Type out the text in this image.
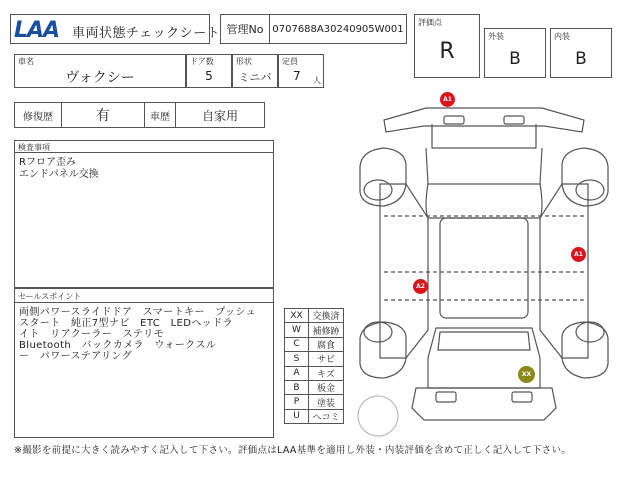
LAA 車両状態チェックシート 管理No 0707688A30240905W001
評価点
R
外装
B
内装
B
車名
ヴォクシー
ドア数
5
形状
ミニバ
定員
7 人
修復歴	有	車歴	自家用
検査事項
Rフロア歪み
エンドパネル交換
セールスポイント
両側パワースライドドア　スマートキー　プッシュ
スタート　純正7型ナビ　ETC　LEDヘッドラ
イト　リアクーラー　ステリモ
Bluetooth　バックカメラ　ウォークスル
ー　パワーステアリング
XX	交換済
W	補修跡
C	腐食
S	サビ
A	キズ
B	板金
P	塗装
U	ヘコミ
A1
A1
A2
XX
※撮影を前提に大きく読みやすく記入して下さい。評価点はLAA基準を適用し外装・内装評価を含めて正しく記入して下さい。
